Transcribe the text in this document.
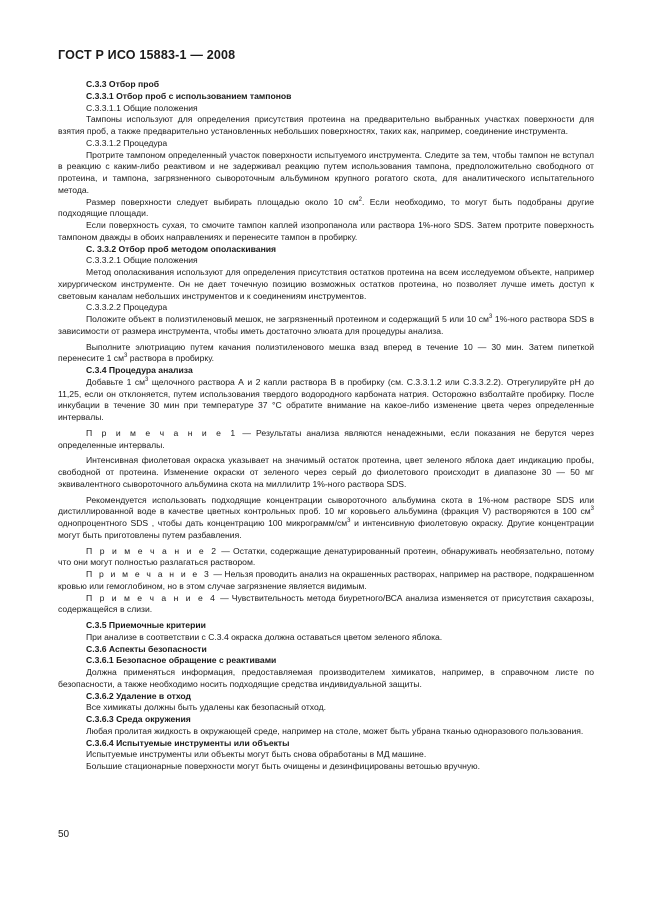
ГОСТ Р ИСО 15883-1 — 2008

С.3.3 Отбор проб

С.3.3.1 Отбор проб с использованием тампонов

С.3.3.1.1 Общие положения

Тампоны используют для определения присутствия протеина на предварительно выбранных участках поверхности для взятия проб, а также предварительно установленных небольших поверхностях, таких как, например, соединение инструмента.

С.3.3.1.2 Процедура

Протрите тампоном определенный участок поверхности испытуемого инструмента. Следите за тем, чтобы тампон не вступал в реакцию с каким-либо реактивом и не задерживал реакцию путем использования тампона, предположительно свободного от протеина, и тампона, загрязненного сывороточным альбумином крупного рогатого скота, для аналитического испытательного метода.

Размер поверхности следует выбирать площадью около 10 $см^2$. Если необходимо, то могут быть подобраны другие подходящие площади.

Если поверхность сухая, то смочите тампон каплей изопропанола или раствора 1%-ного SDS. Затем протрите поверхность тампоном дважды в обоих направлениях и перенесите тампон в пробирку.

С. 3.3.2 Отбор проб методом ополаскивания

С.3.3.2.1 Общие положения

Метод ополаскивания используют для определения присутствия остатков протеина на всем исследуемом объекте, например хирургическом инструменте. Он не дает точечную позицию возможных остатков протеина, но позволяет лучше иметь доступ к световым каналам небольших инструментов и к соединениям инструментов.

С.3.3.2.2 Процедура

Положите объект в полиэтиленовый мешок, не загрязненный протеином и содержащий 5 или 10 $см^3$ 1%-ного раствора SDS в зависимости от размера инструмента, чтобы иметь достаточно элюата для процедуры анализа.

Выполните элютриацию путем качания полиэтиленового мешка взад вперед в течение 10 — 30 мин. Затем пипеткой перенесите 1 $см^3$ раствора в пробирку.

С.3.4 Процедура анализа

Добавьте 1 $см^3$ щелочного раствора А и 2 капли раствора В в пробирку (см. С.3.3.1.2 или С.3.3.2.2). Отрегулируйте рН до 11,25, если он отклоняется, путем использования твердого водородного карбоната натрия. Осторожно взболтайте пробирку. После инкубации в течение 30 мин при температуре 37 °С обратите внимание на какое-либо изменение цвета через определенные интервалы.

П р и м е ч а н и е 1 — Результаты анализа являются ненадежными, если показания не берутся через определенные интервалы.

Интенсивная фиолетовая окраска указывает на значимый остаток протеина, цвет зеленого яблока дает индикацию пробы, свободной от протеина. Изменение окраски от зеленого через серый до фиолетового происходит в диапазоне 30 — 50 мг эквивалентного сывороточного альбумина скота на миллилитр 1%-ного раствора SDS.

Рекомендуется использовать подходящие концентрации сывороточного альбумина скота в 1%-ном растворе SDS или дистиллированной воде в качестве цветных контрольных проб. 10 мг коровьего альбумина (фракция V) растворяются в 100 $см^3$ однопроцентного SDS , чтобы дать концентрацию 100 микрограмм/$см^3$ и интенсивную фиолетовую окраску. Другие концентрации могут быть приготовлены путем разбавления.

П р и м е ч а н и е 2 — Остатки, содержащие денатурированный протеин, обнаруживать необязательно, потому что они могут полностью разлагаться раствором.

П р и м е ч а н и е 3 — Нельзя проводить анализ на окрашенных растворах, например на растворе, подкрашенном кровью или гемоглобином, но в этом случае загрязнение является видимым.

П р и м е ч а н и е 4 — Чувствительность метода биуретного/ВСА анализа изменяется от присутствия сахарозы, содержащейся в слизи.

С.3.5 Приемочные критерии

При анализе в соответствии с С.3.4 окраска должна оставаться цветом зеленого яблока.

С.3.6 Аспекты безопасности

С.3.6.1 Безопасное обращение с реактивами

Должна применяться информация, предоставляемая производителем химикатов, например, в справочном листе по безопасности, а также необходимо носить подходящие средства индивидуальной защиты.

С.3.6.2 Удаление в отход

Все химикаты должны быть удалены как безопасный отход.

С.3.6.3 Среда окружения

Любая пролитая жидкость в окружающей среде, например на столе, может быть убрана тканью одноразового пользования.

С.3.6.4 Испытуемые инструменты или объекты

Испытуемые инструменты или объекты могут быть снова обработаны в МД машине.

Большие стационарные поверхности могут быть очищены и дезинфицированы ветошью вручную.

50
